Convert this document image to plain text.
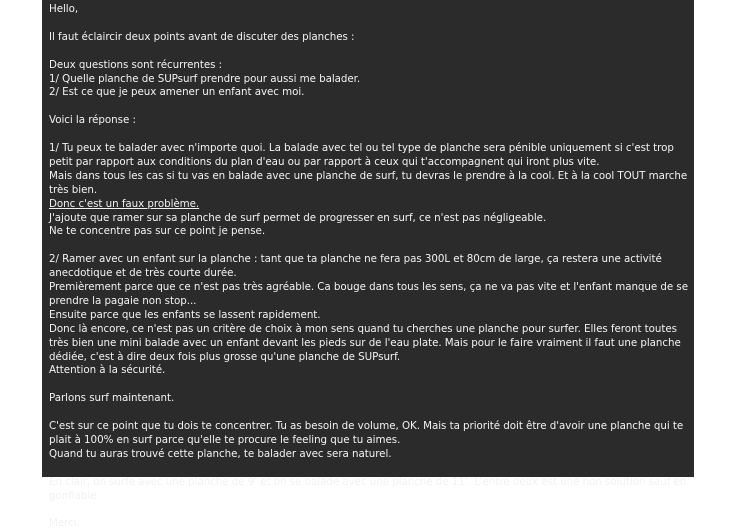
Hello,

Il faut éclaircir deux points avant de discuter des planches :

Deux questions sont récurrentes :

1/ Quelle planche de SUPsurf prendre pour aussi me balader.

2/ Est ce que je peux amener un enfant avec moi.

Voici la réponse :

1/ Tu peux te balader avec n'importe quoi. La balade avec tel ou tel type de planche sera pénible uniquement si c'est trop petit par rapport aux conditions du plan d'eau ou par rapport à ceux qui t'accompagnent qui iront plus vite.

Mais dans tous les cas si tu vas en balade avec une planche de surf, tu devras le prendre à la cool. Et à la cool TOUT marche très bien.

Donc c'est un faux problème.

J'ajoute que ramer sur sa planche de surf permet de progresser en surf, ce n'est pas négligeable.

Ne te concentre pas sur ce point je pense.

2/ Ramer avec un enfant sur la planche : tant que ta planche ne fera pas 300L et 80cm de large, ça restera une activité anecdotique et de très courte durée.

Premièrement parce que ce n'est pas très agréable. Ca bouge dans tous les sens, ça ne va pas vite et l'enfant manque de se prendre la pagaie non stop...

Ensuite parce que les enfants se lassent rapidement.

Donc là encore, ce n'est pas un critère de choix à mon sens quand tu cherches une planche pour surfer. Elles feront toutes très bien une mini balade avec un enfant devant les pieds sur de l'eau plate. Mais pour le faire vraiment il faut une planche dédiée, c'est à dire deux fois plus grosse qu'une planche de SUPsurf.

Attention à la sécurité.

Parlons surf maintenant.

C'est sur ce point que tu dois te concentrer. Tu as besoin de volume, OK. Mais ta priorité doit être d'avoir une planche qui te plait à 100% en surf parce qu'elle te procure le feeling que tu aimes.

Quand tu auras trouvé cette planche, te balader avec sera naturel.

En clair, on surfe avec une planche de 9' et on se balade avec une planche de 11'. L'entre deux est une non solution sauf en gonflable.

Merci.
